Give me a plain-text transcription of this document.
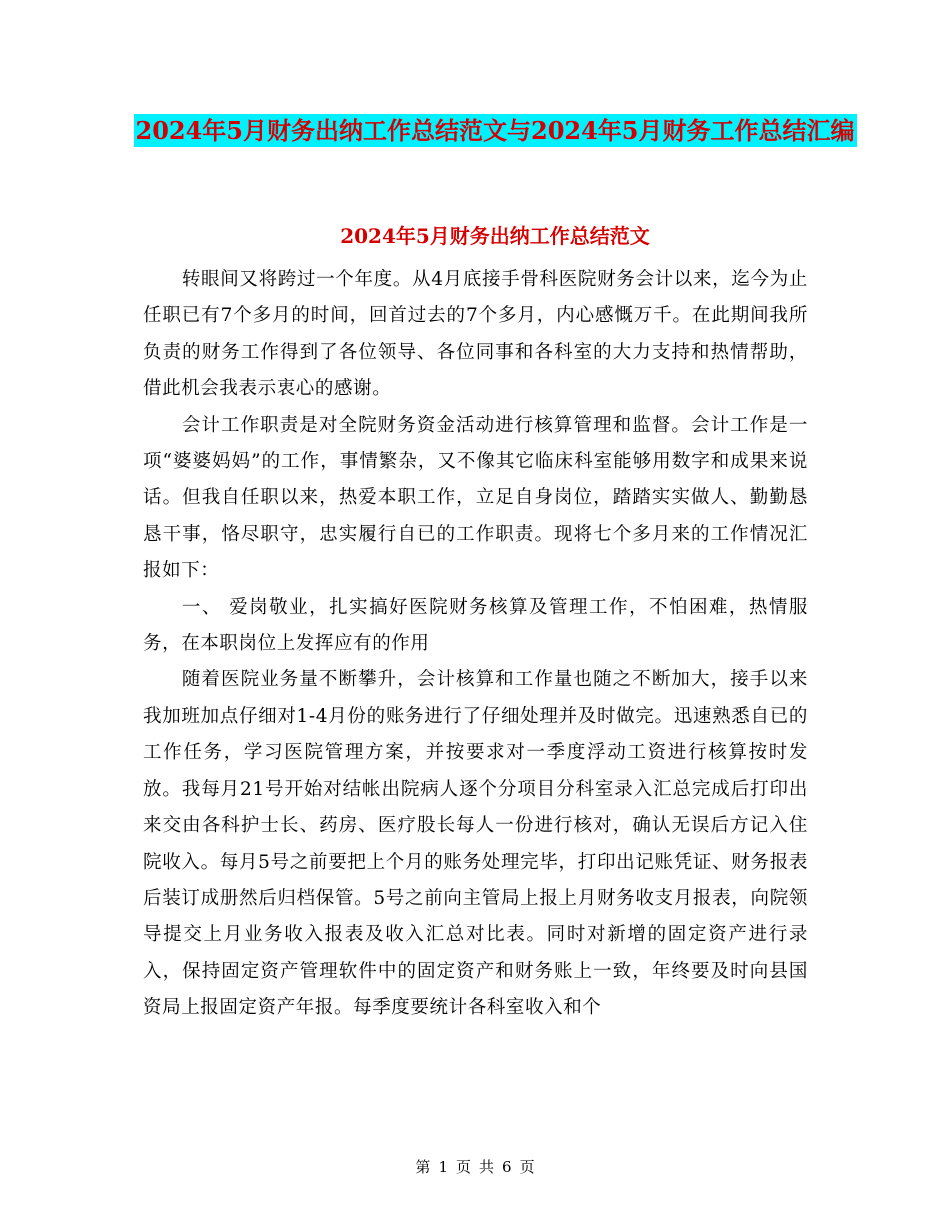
2024年5月财务出纳工作总结范文与2024年5月财务工作总结汇编
2024年5月财务出纳工作总结范文

转眼间又将跨过一个年度。从4月底接手骨科医院财务会计以来，迄今为止任职已有7个多月的时间，回首过去的7个多月，内心感慨万千。在此期间我所负责的财务工作得到了各位领导、各位同事和各科室的大力支持和热情帮助，借此机会我表示衷心的感谢。

会计工作职责是对全院财务资金活动进行核算管理和监督。会计工作是一项“婆婆妈妈”的工作，事情繁杂，又不像其它临床科室能够用数字和成果来说话。但我自任职以来，热爱本职工作，立足自身岗位，踏踏实实做人、勤勤恳恳干事，恪尽职守，忠实履行自已的工作职责。现将七个多月来的工作情况汇报如下：

一、 爱岗敬业，扎实搞好医院财务核算及管理工作，不怕困难，热情服务，在本职岗位上发挥应有的作用

随着医院业务量不断攀升，会计核算和工作量也随之不断加大，接手以来我加班加点仔细对1-4月份的账务进行了仔细处理并及时做完。迅速熟悉自已的工作任务，学习医院管理方案，并按要求对一季度浮动工资进行核算按时发放。我每月21号开始对结帐出院病人逐个分项目分科室录入汇总完成后打印出来交由各科护士长、药房、医疗股长每人一份进行核对，确认无误后方记入住院收入。每月5号之前要把上个月的账务处理完毕，打印出记账凭证、财务报表后装订成册然后归档保管。5号之前向主管局上报上月财务收支月报表，向院领导提交上月业务收入报表及收入汇总对比表。同时对新增的固定资产进行录入，保持固定资产管理软件中的固定资产和财务账上一致，年终要及时向县国资局上报固定资产年报。每季度要统计各科室收入和个

第 1 页 共 6 页
